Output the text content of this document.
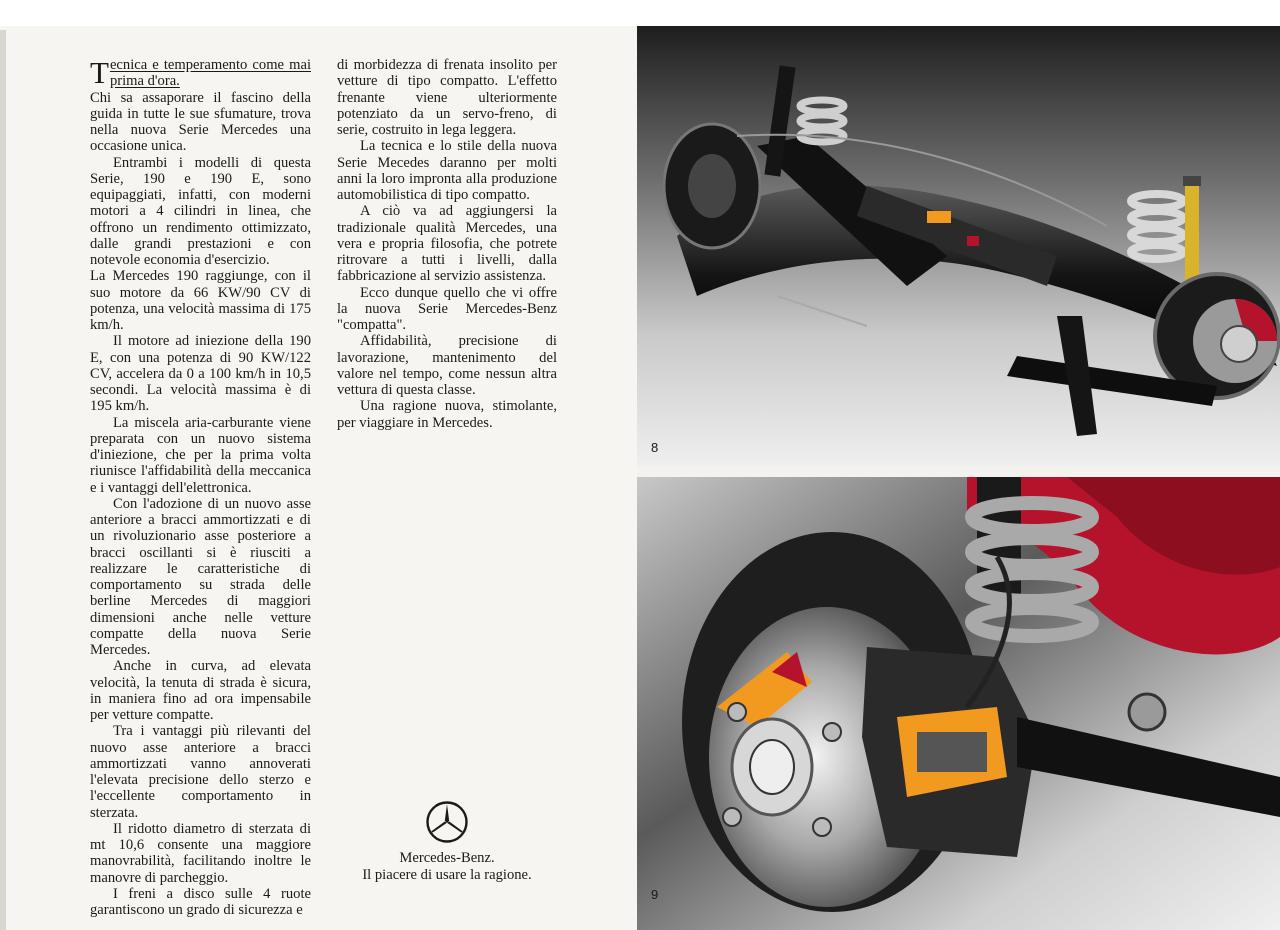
Tecnica e temperamento come mai prima d'ora.

Chi sa assaporare il fascino della guida in tutte le sue sfumature, trova nella nuova Serie Mercedes una occasione unica.

Entrambi i modelli di questa Serie, 190 e 190 E, sono equipaggiati, infatti, con moderni motori a 4 cilindri in linea, che offrono un rendimento ottimizzato, dalle grandi prestazioni e con notevole economia d'esercizio.

La Mercedes 190 raggiunge, con il suo motore da 66 KW/90 CV di potenza, una velocità massima di 175 km/h.

Il motore ad iniezione della 190 E, con una potenza di 90 KW/122 CV, accelera da 0 a 100 km/h in 10,5 secondi. La velocità massima è di 195 km/h.

La miscela aria-carburante viene preparata con un nuovo sistema d'iniezione, che per la prima volta riunisce l'affidabilità della meccanica e i vantaggi dell'elettronica.

Con l'adozione di un nuovo asse anteriore a bracci ammortizzati e di un rivoluzionario asse posteriore a bracci oscillanti si è riusciti a realizzare le caratteristiche di comportamento su strada delle berline Mercedes di maggiori dimensioni anche nelle vetture compatte della nuova Serie Mercedes.

Anche in curva, ad elevata velocità, la tenuta di strada è sicura, in maniera fino ad ora impensabile per vetture compatte.

Tra i vantaggi più rilevanti del nuovo asse anteriore a bracci ammortizzati vanno annoverati l'elevata precisione dello sterzo e l'eccellente comportamento in sterzata.

Il ridotto diametro di sterzata di mt 10,6 consente una maggiore manovrabilità, facilitando inoltre le manovre di parcheggio.

I freni a disco sulle 4 ruote garantiscono un grado di sicurezza e

di morbidezza di frenata insolito per vetture di tipo compatto. L'effetto frenante viene ulteriormente potenziato da un servo-freno, di serie, costruito in lega leggera.

La tecnica e lo stile della nuova Serie Mecedes daranno per molti anni la loro impronta alla produzione automobilistica di tipo compatto.

A ciò va ad aggiungersi la tradizionale qualità Mercedes, una vera e propria filosofia, che potrete ritrovare a tutti i livelli, dalla fabbricazione al servizio assistenza.

Ecco dunque quello che vi offre la nuova Serie Mercedes-Benz "compatta".

Affidabilità, precisione di lavorazione, mantenimento del valore nel tempo, come nessun altra vettura di questa classe.

Una ragione nuova, stimolante, per viaggiare in Mercedes.

Mercedes-Benz.
Il piacere di usare la ragione.
8
9
